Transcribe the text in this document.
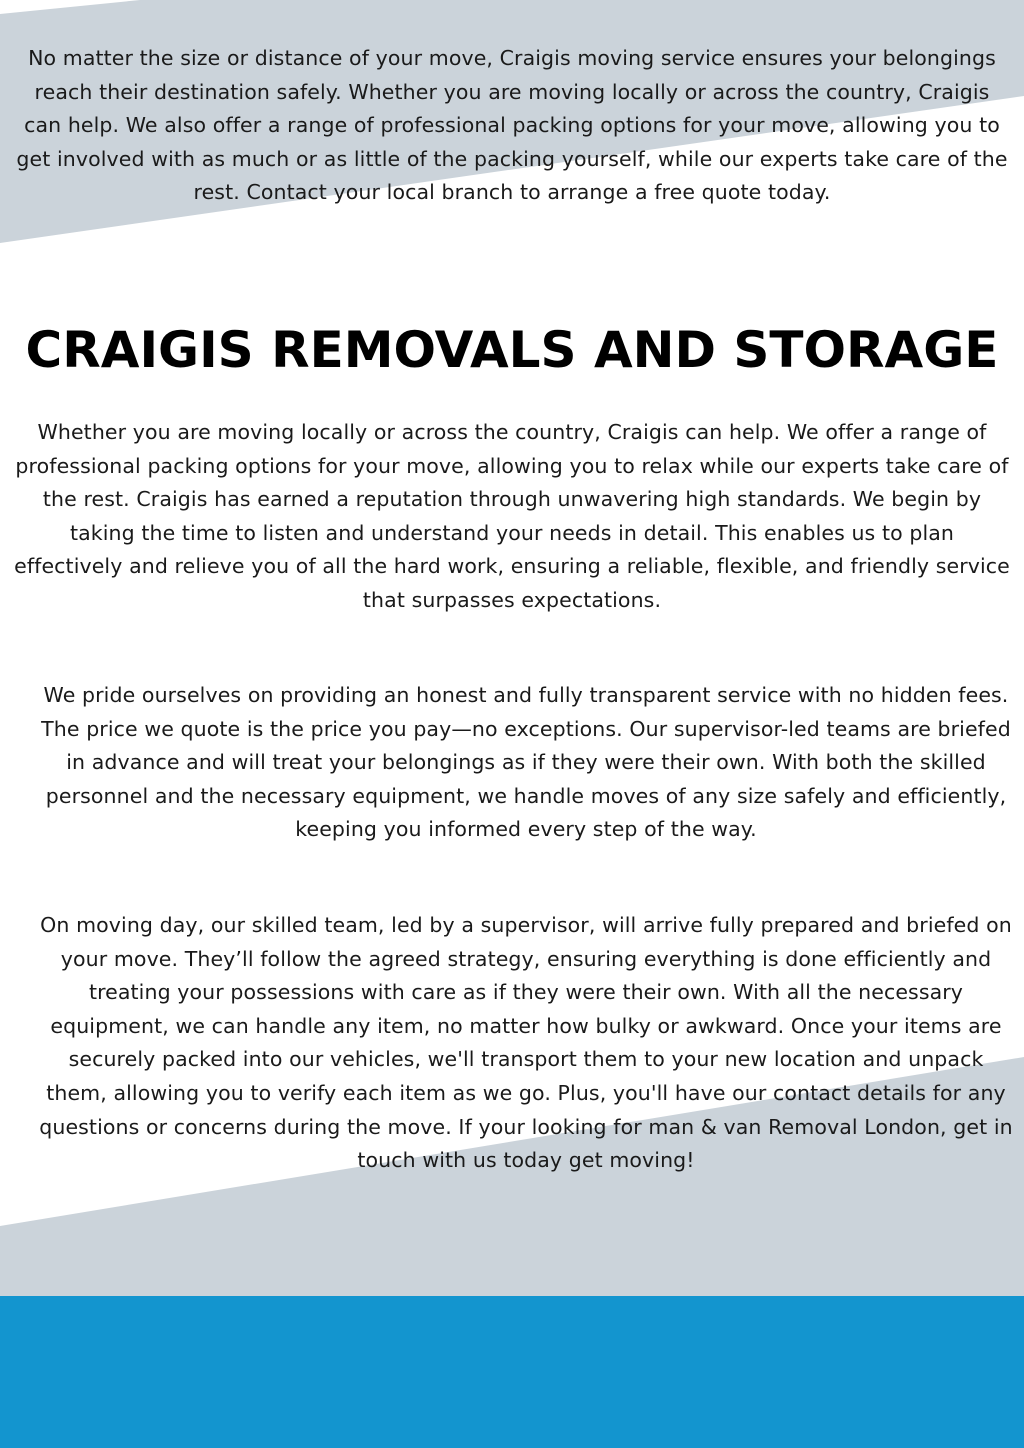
No matter the size or distance of your move, Craigis moving service ensures your belongings reach their destination safely. Whether you are moving locally or across the country, Craigis can help. We also offer a range of professional packing options for your move, allowing you to get involved with as much or as little of the packing yourself, while our experts take care of the rest. Contact your local branch to arrange a free quote today.

CRAIGIS REMOVALS AND STORAGE

Whether you are moving locally or across the country, Craigis can help. We offer a range of professional packing options for your move, allowing you to relax while our experts take care of the rest. Craigis has earned a reputation through unwavering high standards. We begin by taking the time to listen and understand your needs in detail. This enables us to plan effectively and relieve you of all the hard work, ensuring a reliable, flexible, and friendly service that surpasses expectations.

We pride ourselves on providing an honest and fully transparent service with no hidden fees. The price we quote is the price you pay—no exceptions. Our supervisor-led teams are briefed in advance and will treat your belongings as if they were their own. With both the skilled personnel and the necessary equipment, we handle moves of any size safely and efficiently, keeping you informed every step of the way.

On moving day, our skilled team, led by a supervisor, will arrive fully prepared and briefed on your move. They’ll follow the agreed strategy, ensuring everything is done efficiently and treating your possessions with care as if they were their own. With all the necessary equipment, we can handle any item, no matter how bulky or awkward. Once your items are securely packed into our vehicles, we'll transport them to your new location and unpack them, allowing you to verify each item as we go. Plus, you'll have our contact details for any questions or concerns during the move. If your looking for man & van Removal London, get in touch with us today get moving!
